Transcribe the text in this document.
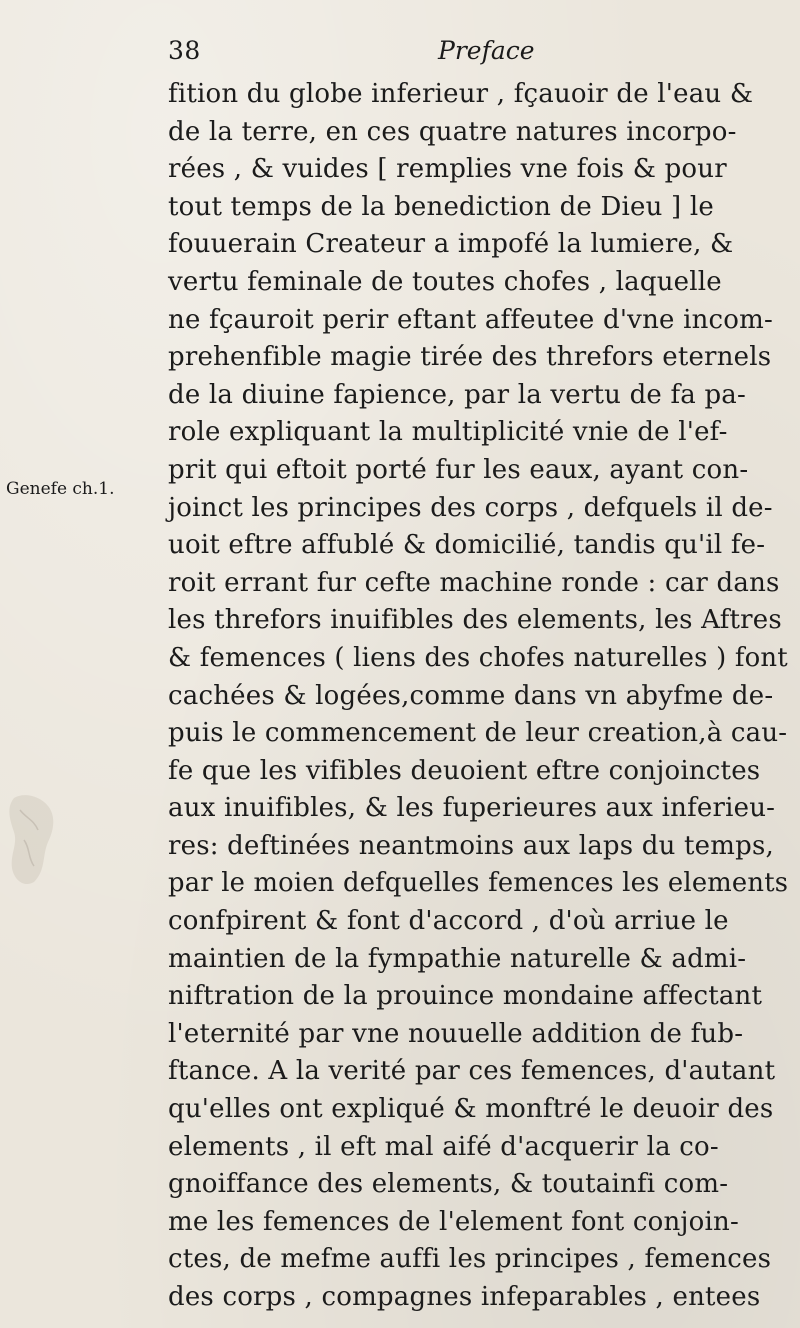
38	Preface
Genefe ch.1.
fition du globe inferieur , fçauoir de l'eau &
de la terre, en ces quatre natures incorpo-
rées , & vuides [ remplies vne fois & pour
tout temps de la benediction de Dieu ] le
fouuerain Createur a impofé la lumiere, &
vertu feminale de toutes chofes , laquelle
ne fçauroit perir eftant affeutee d'vne incom-
prehenfible magie tirée des threfors eternels
de la diuine fapience, par la vertu de fa pa-
role expliquant la multiplicité vnie de l'ef-
prit qui eftoit porté fur les eaux, ayant con-
joinct les principes des corps , defquels il de-
uoit eftre affublé & domicilié, tandis qu'il fe-
roit errant fur cefte machine ronde : car dans
les threfors inuifibles des elements, les Aftres
& femences ( liens des chofes naturelles ) font
cachées & logées,comme dans vn abyfme de-
puis le commencement de leur creation,à cau-
fe que les vifibles deuoient eftre conjoinctes
aux inuifibles, & les fuperieures aux inferieu-
res: deftinées neantmoins aux laps du temps,
par le moien defquelles femences les elements
confpirent & font d'accord , d'où arriue le
maintien de la fympathie naturelle & admi-
niftration de la prouince mondaine affectant
l'eternité par vne nouuelle addition de fub-
ftance. A la verité par ces femences, d'autant
qu'elles ont expliqué & monftré le deuoir des
elements , il eft mal aifé d'acquerir la co-
gnoiffance des elements, & toutainfi com-
me les femences de l'element font conjoin-
ctes, de mefme auffi les principes , femences
des corps , compagnes infeparables , entees
